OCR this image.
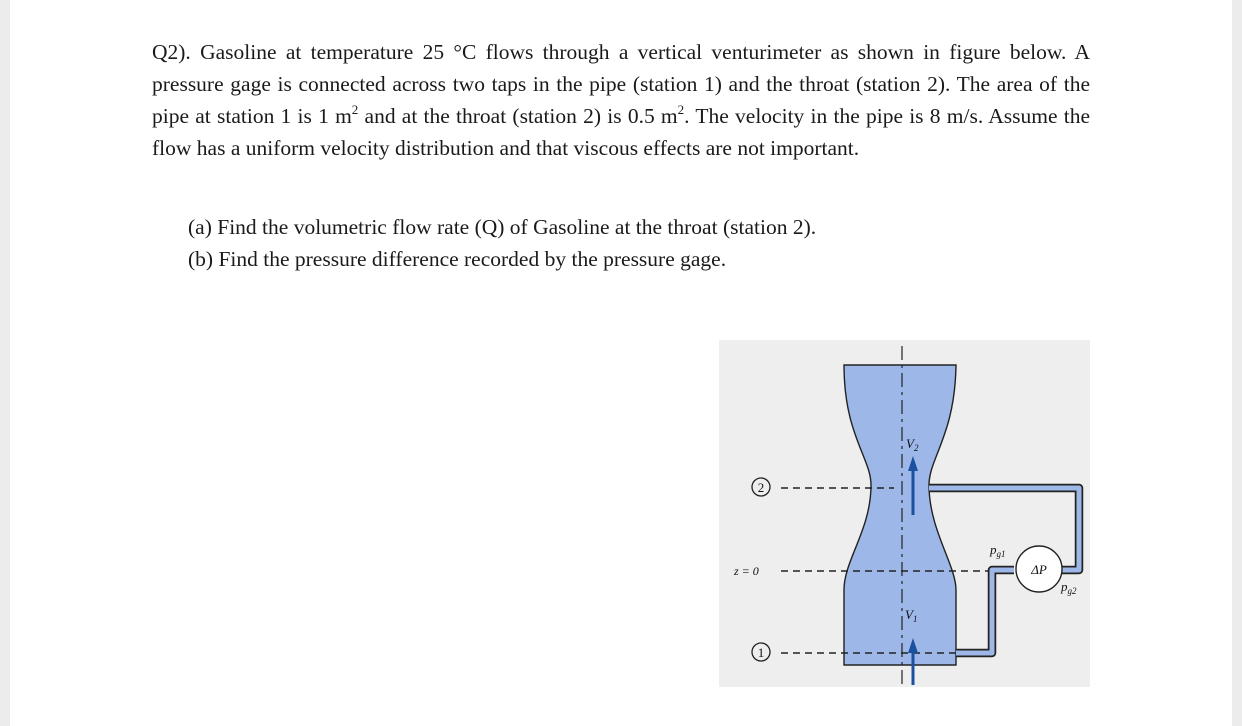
Q2). Gasoline at temperature 25 °C flows through a vertical venturimeter as shown in figure below. A pressure gage is connected across two taps in the pipe (station 1) and the throat (station 2). The area of the pipe at station 1 is 1 $m^2$ and at the throat (station 2) is 0.5 $m^2$. The velocity in the pipe is 8 m/s. Assume the flow has a uniform velocity distribution and that viscous effects are not important.

(a) Find the volumetric flow rate (Q) of Gasoline at the throat (station 2).
(b) Find the pressure difference recorded by the pressure gage.
2
1
z = 0	ΔP
$p_{g1}$
$p_{g2}$
$V_2$
$V_1$
